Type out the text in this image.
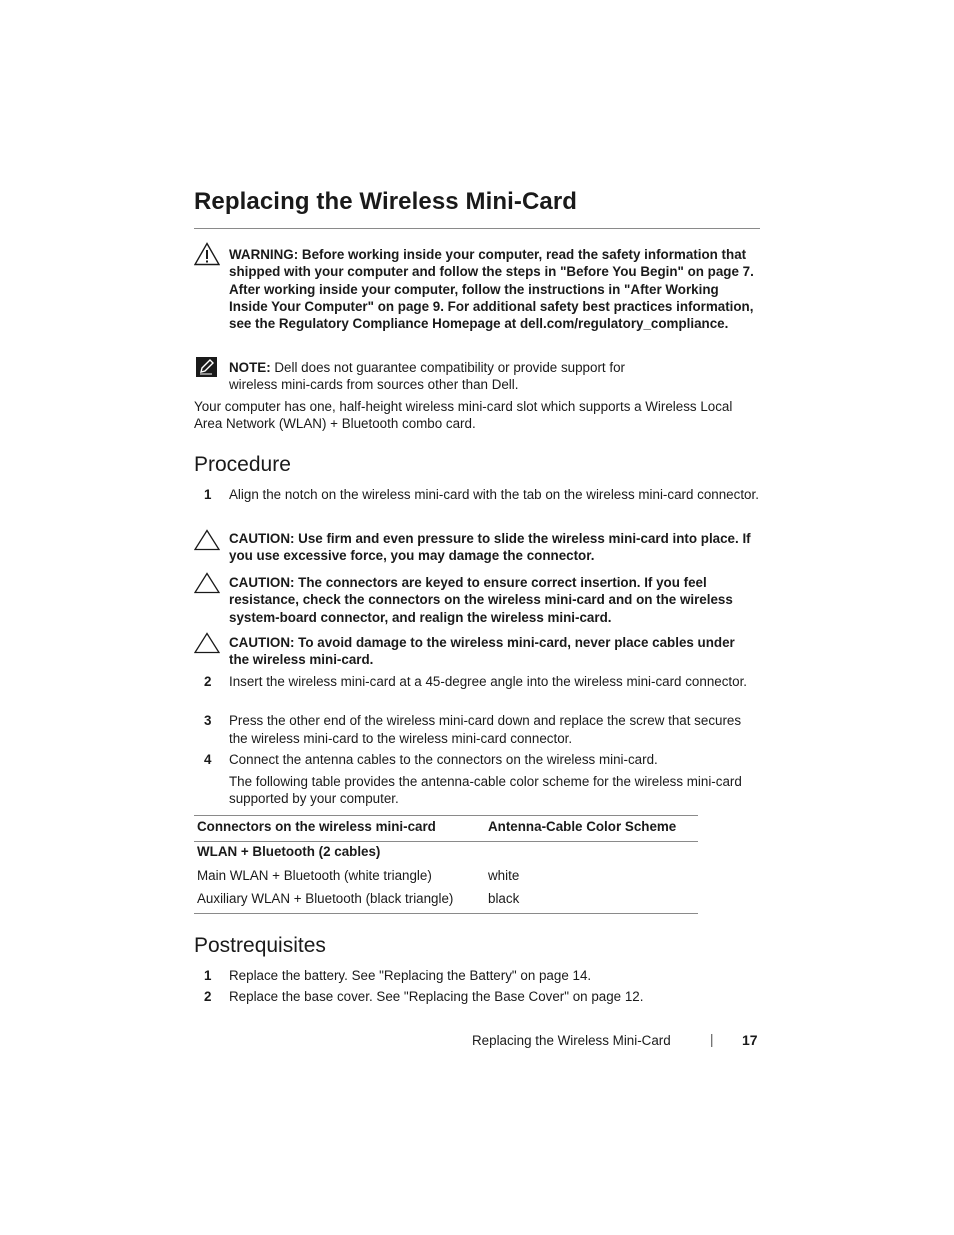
Replacing the Wireless Mini-Card
WARNING: Before working inside your computer, read the safety information that shipped with your computer and follow the steps in "Before You Begin" on page 7. After working inside your computer, follow the instructions in "After Working Inside Your Computer" on page 9. For additional safety best practices information, see the Regulatory Compliance Homepage at dell.com/regulatory_compliance.
NOTE: Dell does not guarantee compatibility or provide support for wireless mini-cards from sources other than Dell.
Your computer has one, half-height wireless mini-card slot which supports a Wireless Local Area Network (WLAN) + Bluetooth combo card.
Procedure
1 Align the notch on the wireless mini-card with the tab on the wireless mini-card connector.
CAUTION: Use firm and even pressure to slide the wireless mini-card into place. If you use excessive force, you may damage the connector.
CAUTION: The connectors are keyed to ensure correct insertion. If you feel resistance, check the connectors on the wireless mini-card and on the wireless system-board connector, and realign the wireless mini-card.
CAUTION: To avoid damage to the wireless mini-card, never place cables under the wireless mini-card.
2 Insert the wireless mini-card at a 45-degree angle into the wireless mini-card connector.
3 Press the other end of the wireless mini-card down and replace the screw that secures the wireless mini-card to the wireless mini-card connector.
4 Connect the antenna cables to the connectors on the wireless mini-card.
The following table provides the antenna-cable color scheme for the wireless mini-card supported by your computer.
Connectors on the wireless mini-card	Antenna-Cable Color Scheme
WLAN + Bluetooth (2 cables)
Main WLAN + Bluetooth (white triangle)	white
Auxiliary WLAN + Bluetooth (black triangle)	black
Postrequisites
1 Replace the battery. See "Replacing the Battery" on page 14.
2 Replace the base cover. See "Replacing the Base Cover" on page 12.
Replacing the Wireless Mini-Card	| 17
